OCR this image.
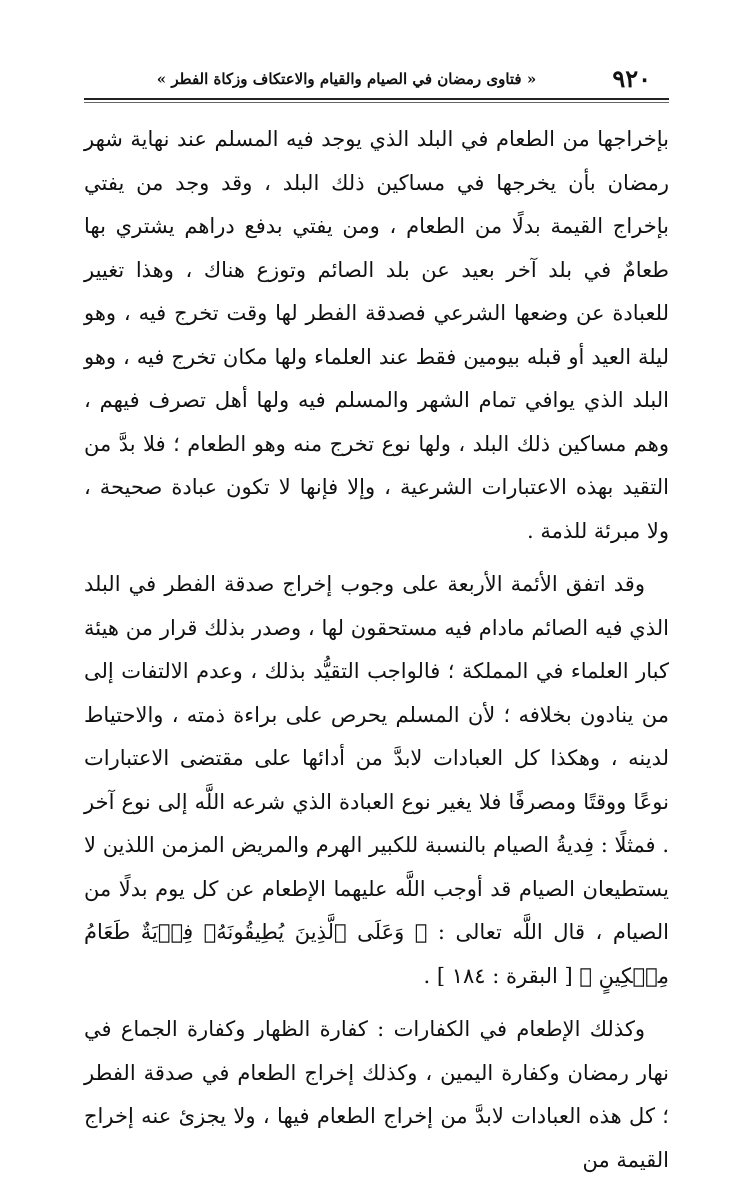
٩٢٠
« فتاوى رمضان في الصيام والقيام والاعتكاف وزكاة الفطر »

بإخراجها من الطعام في البلد الذي يوجد فيه المسلم عند نهاية شهر رمضان بأن يخرجها في مساكين ذلك البلد ، وقد وجد من يفتي بإخراج القيمة بدلًا من الطعام ، ومن يفتي بدفع دراهم يشتري بها طعامٌ في بلد آخر بعيد عن بلد الصائم وتوزع هناك ، وهذا تغيير للعبادة عن وضعها الشرعي فصدقة الفطر لها وقت تخرج فيه ، وهو ليلة العيد أو قبله بيومين فقط عند العلماء ولها مكان تخرج فيه ، وهو البلد الذي يوافي تمام الشهر والمسلم فيه ولها أهل تصرف فيهم ، وهم مساكين ذلك البلد ، ولها نوع تخرج منه وهو الطعام ؛ فلا بدَّ من التقيد بهذه الاعتبارات الشرعية ، وإلا فإنها لا تكون عبادة صحيحة ، ولا مبرئة للذمة .

وقد اتفق الأئمة الأربعة على وجوب إخراج صدقة الفطر في البلد الذي فيه الصائم مادام فيه مستحقون لها ، وصدر بذلك قرار من هيئة كبار العلماء في المملكة ؛ فالواجب التقيُّد بذلك ، وعدم الالتفات إلى من ينادون بخلافه ؛ لأن المسلم يحرص على براءة ذمته ، والاحتياط لدينه ، وهكذا كل العبادات لابدَّ من أدائها على مقتضى الاعتبارات نوعًا ووقتًا ومصرفًا فلا يغير نوع العبادة الذي شرعه اللَّه إلى نوع آخر . فمثلًا : فِديةُ الصيام بالنسبة للكبير الهرم والمريض المزمن اللذين لا يستطيعان الصيام قد أوجب اللَّه عليهما الإطعام عن كل يوم بدلًا من الصيام ، قال اللَّه تعالى : ﴿ وَعَلَى ٱلَّذِينَ يُطِيقُونَهُۥ فِدۡيَةٌ طَعَامُ مِسۡكِينٍ ﴾ [ البقرة : ١٨٤ ] .

وكذلك الإطعام في الكفارات : كفارة الظهار وكفارة الجماع في نهار رمضان وكفارة اليمين ، وكذلك إخراج الطعام في صدقة الفطر ؛ كل هذه العبادات لابدَّ من إخراج الطعام فيها ، ولا يجزئ عنه إخراج القيمة من
